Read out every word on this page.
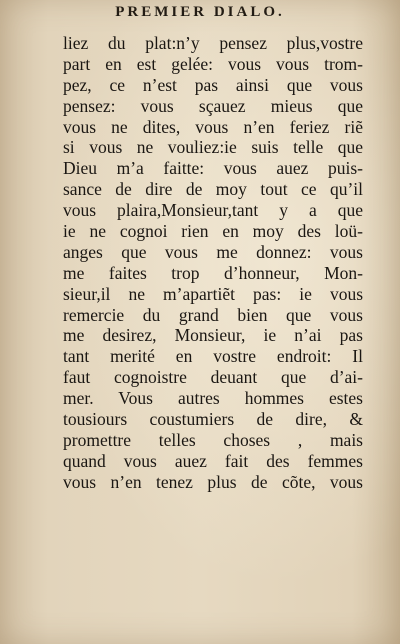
PREMIER DIALO.
liez du plat:n’y pensez plus,vostre
part en est gelée: vous vous trom-
pez, ce n’est pas ainsi que vous
pensez: vous sçauez mieus que
vous ne dites, vous n’en feriez riẽ
si vous ne vouliez:ie suis telle que
Dieu m’a faitte: vous auez puis-
sance de dire de moy tout ce qu’il
vous plaira,Monsieur,tant y a que
ie ne cognoi rien en moy des loü-
anges que vous me donnez: vous
me faites trop d’honneur, Mon-
sieur,il ne m’apartiẽt pas: ie vous
remercie du grand bien que vous
me desirez, Monsieur, ie n’ai pas
tant merité en vostre endroit: Il
faut cognoistre deuant que d’ai-
mer. Vous autres hommes estes
tousiours coustumiers de dire, &
promettre telles choses , mais
quand vous auez fait des femmes
vous n’en tenez plus de cõte, vous
